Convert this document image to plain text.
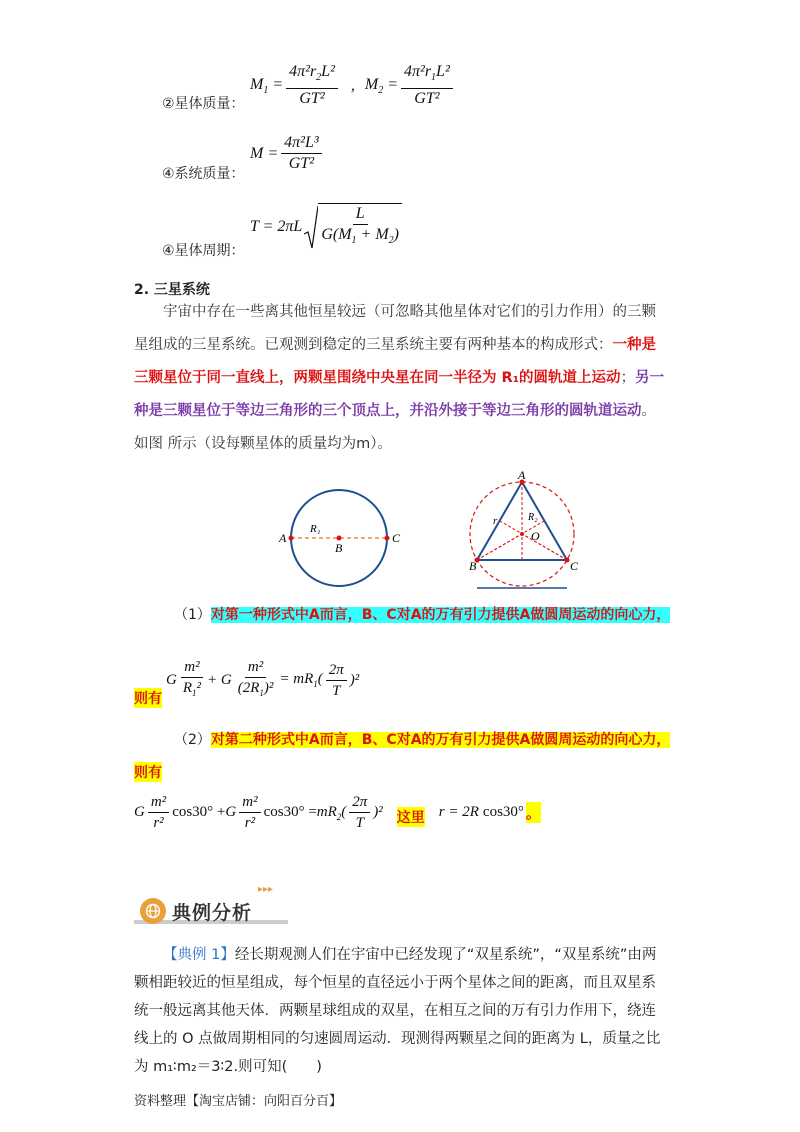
②星体质量：
$M_1 = \frac{4\pi^2r_2L^2}{\text{GT²}}$ , $M_2 = \frac{4\pi^2r_1L^2}{\text{GT²}}$
④系统质量：
$M = \frac{\text{4π²L³}}{\text{GT²}}$
④星体周期：
$T = 2\pi L \frac{L}{G(M_1 + M_2)}$
2. 三星系统
宇宙中存在一些离其他恒星较远（可忽略其他星体对它们的引力作用）的三颗星组成的三星系统。已观测到稳定的三星系统主要有两种基本的构成形式：一种是三颗星位于同一直线上，两颗星围绕中央星在同一半径为 R₁的圆轨道上运动；另一种是三颗星位于等边三角形的三个顶点上，并沿外接于等边三角形的圆轨道运动。如图 所示（设每颗星体的质量均为m）。
A
B
C
R₁
A
B	C
O
r	R₂
（1）对第一种形式中A而言，B、C对A的万有引力提供A做圆周运动的向心力，
G $\frac{\text{m²}}{R_1^2} + G \frac{\text{m²}}{(2R_1)^2} = mR_1( \frac{2\pi}{T} )^2$
则有
（2）对第二种形式中A而言，B、C对A的万有引力提供A做圆周运动的向心力，
则有
G $\frac{\text{m²}}{\text{r²}} \cos 30^\circ + G \frac{\text{m²}}{\text{r²}} \cos 30^\circ = mR_2( \frac{2\pi}{T} )^2$ 这里 r = 2R cos30° 。
典例分析
▸▸▸
【典例 1】经长期观测人们在宇宙中已经发现了“双星系统”，“双星系统”由两颗相距较近的恒星组成，每个恒星的直径远小于两个星体之间的距离，而且双星系统一般远离其他天体．两颗星球组成的双星，在相互之间的万有引力作用下，绕连线上的 O 点做周期相同的匀速圆周运动．现测得两颗星之间的距离为 L，质量之比为 m₁∶m₂＝3∶2.则可知(　　)
资料整理【淘宝店铺：向阳百分百】
